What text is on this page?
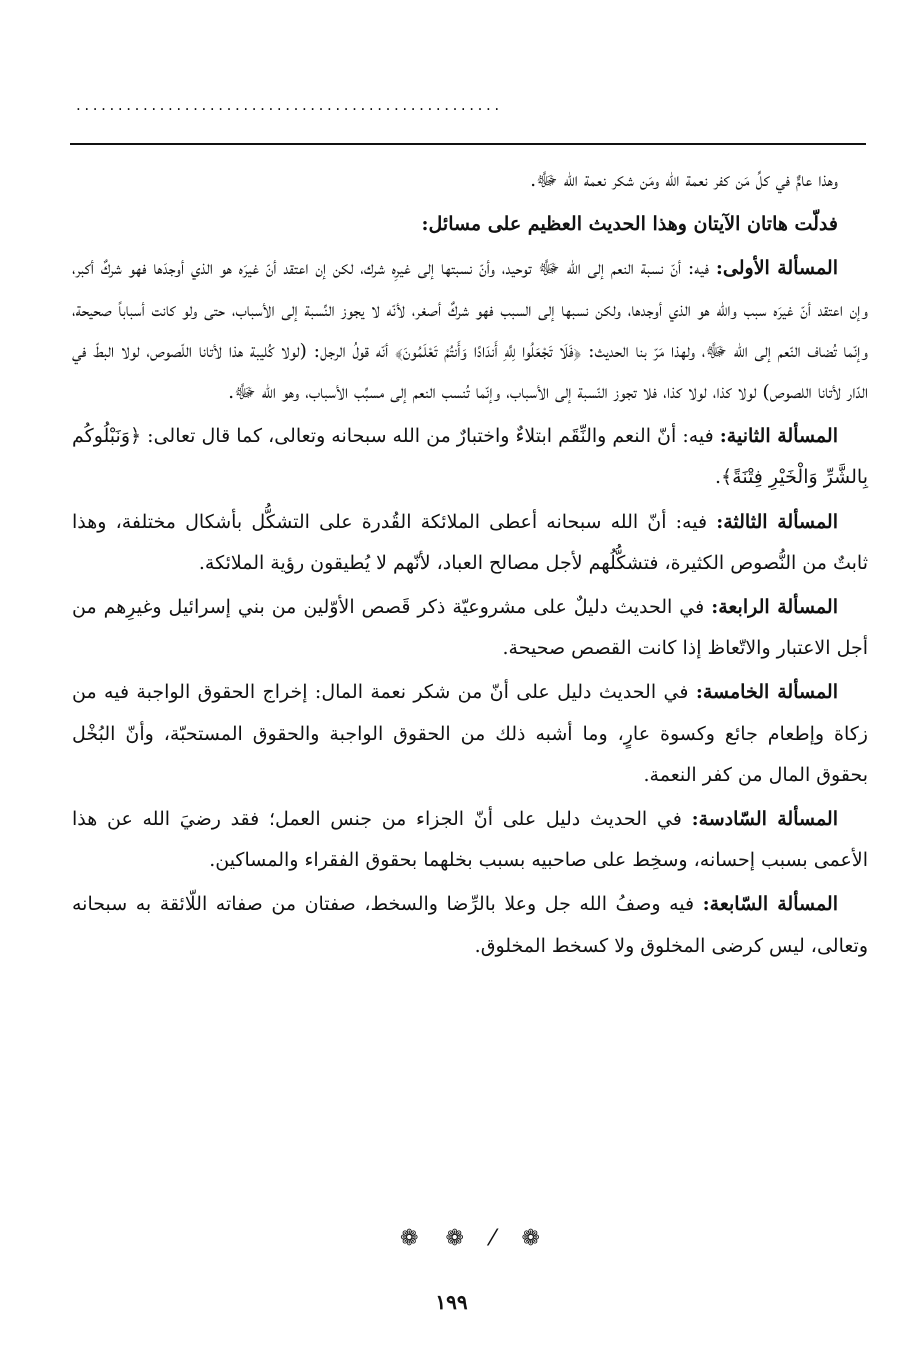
...................................................

وهذا عامٌّ في كلِّ مَن كفر نعمة الله ومَن شكر نعمة الله ﷻ.

فدلّت هاتان الآيتان وهذا الحديث العظيم على مسائل:

المسألة الأولى: فيه: أنّ نسبة النعم إلى الله ﷻ توحيد، وأنّ نسبتها إلى غيرِه شرك، لكن إن اعتقد أنّ غيرَه هو الذي أوجدَها فهو شركٌ أكبر، وإن اعتقد أنّ غيرَه سبب والله هو الذي أوجدها، ولكن نسبها إلى السبب فهو شركٌ أصغر، لأنّه لا يجوز النِّسبة إلى الأسباب، حتى ولو كانت أسباباً صحيحة، وإنّما تُضاف النّعم إلى الله ﷻ، ولهذا مَرّ بنا الحديث: ﴿فَلَا تَجْعَلُوا لِلَّهِ أَندَادًا وَأَنتُمْ تَعْلَمُونَ﴾ أنّه قولُ الرجل: (لولا كُليبة هذا لأتانا اللّصوص، لولا البطّ في الدّار لأتانا اللصوص) لولا كذا، لولا كذا، فلا تجوز النّسبة إلى الأسباب، وإنّما تُنسب النعم إلى مسبِّب الأسباب، وهو الله ﷻ.

المسألة الثانية: فيه: أنّ النعم والنِّقَم ابتلاءٌ واختبارٌ من الله سبحانه وتعالى، كما قال تعالى: ﴿وَنَبْلُوكُم بِالشَّرِّ وَالْخَيْرِ فِتْنَةً﴾.

المسألة الثالثة: فيه: أنّ الله سبحانه أعطى الملائكة القُدرة على التشكُّل بأشكال مختلفة، وهذا ثابتٌ من النُّصوص الكثيرة، فتشكُّلُهم لأجل مصالح العباد، لأنّهم لا يُطيقون رؤية الملائكة.

المسألة الرابعة: في الحديث دليلٌ على مشروعيّة ذكر قَصص الأوّلين من بني إسرائيل وغيرِهم من أجل الاعتبار والاتّعاظ إذا كانت القصص صحيحة.

المسألة الخامسة: في الحديث دليل على أنّ من شكر نعمة المال: إخراج الحقوق الواجبة فيه من زكاة وإطعام جائع وكسوة عارٍ، وما أشبه ذلك من الحقوق الواجبة والحقوق المستحبّة، وأنّ البُخْل بحقوق المال من كفر النعمة.

المسألة السّادسة: في الحديث دليل على أنّ الجزاء من جنس العمل؛ فقد رضيَ الله عن هذا الأعمى بسبب إحسانه، وسخِط على صاحبيه بسبب بخلهما بحقوق الفقراء والمساكين.

المسألة السّابعة: فيه وصفُ الله جل وعلا بالرِّضا والسخط، صفتان من صفاته اللّائقة به سبحانه وتعالى، ليس كرضى المخلوق ولا كسخط المخلوق.

❁ ⁄ ❁ ❁
١٩٩
